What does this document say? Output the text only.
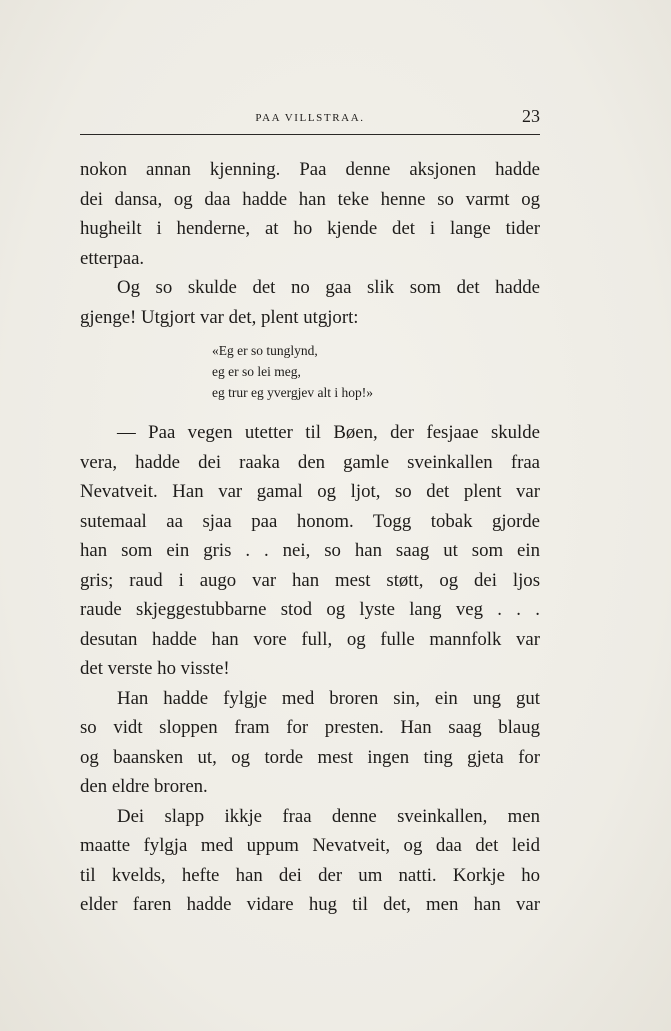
PAA VILLSTRAA.	23
nokon annan kjenning. Paa denne aksjonen hadde
dei dansa, og daa hadde han teke henne so varmt og
hugheilt i henderne, at ho kjende det i lange tider
etterpaa.
Og so skulde det no gaa slik som det hadde
gjenge! Utgjort var det, plent utgjort:
«Eg er so tunglynd,
eg er so lei meg,
eg trur eg yvergjev alt i hop!»
— Paa vegen utetter til Bøen, der fesjaae skulde
vera, hadde dei raaka den gamle sveinkallen fraa
Nevatveit. Han var gamal og ljot, so det plent var
sutemaal aa sjaa paa honom. Togg tobak gjorde
han som ein gris . . nei, so han saag ut som ein
gris; raud i augo var han mest støtt, og dei ljos
raude skjeggestubbarne stod og lyste lang veg . . .
desutan hadde han vore full, og fulle mannfolk var
det verste ho visste!
Han hadde fylgje med broren sin, ein ung gut
so vidt sloppen fram for presten. Han saag blaug
og baansken ut, og torde mest ingen ting gjeta for
den eldre broren.
Dei slapp ikkje fraa denne sveinkallen, men
maatte fylgja med uppum Nevatveit, og daa det leid
til kvelds, hefte han dei der um natti. Korkje ho
elder faren hadde vidare hug til det, men han var
